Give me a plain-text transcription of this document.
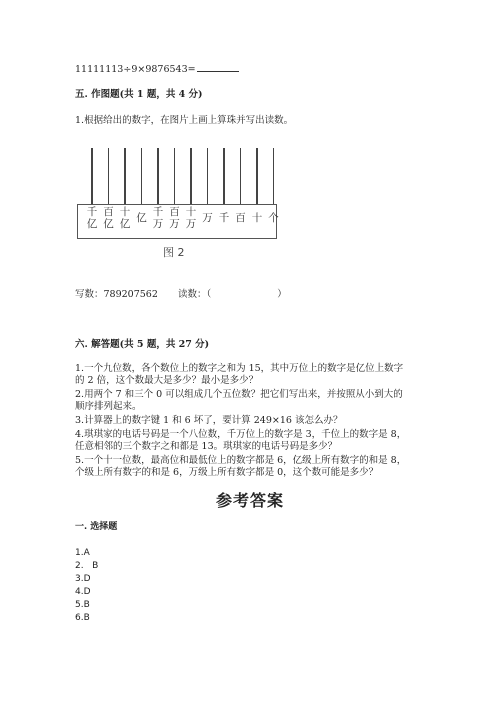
11111113÷9×9876543=
五. 作图题(共 1 题，共 4 分)
1.根据给出的数字，在图片上画上算珠并写出读数。
千亿
百亿
十亿 亿 千万
百万
十万 万 千 百 十 个
图 2
写数：789207562 读数：（	）
六. 解答题(共 5 题，共 27 分)
1.一个九位数，各个数位上的数字之和为 15，其中万位上的数字是亿位上数字
的 2 倍，这个数最大是多少？最小是多少？
2.用两个 7 和三个 0 可以组成几个五位数？把它们写出来，并按照从小到大的
顺序排列起来。
3.计算器上的数字键 1 和 6 坏了，要计算 249×16 该怎么办？
4.琪琪家的电话号码是一个八位数，千万位上的数字是 3，千位上的数字是 8，
任意相邻的三个数字之和都是 13。琪琪家的电话号码是多少？
5.一个十一位数，最高位和最低位上的数字都是 6，亿级上所有数字的和是 8，
个级上所有数字的和是 6，万级上所有数字都是 0，这个数可能是多少？
参考答案
一. 选择题
1.A
2.   B
3.D
4.D
5.B
6.B
